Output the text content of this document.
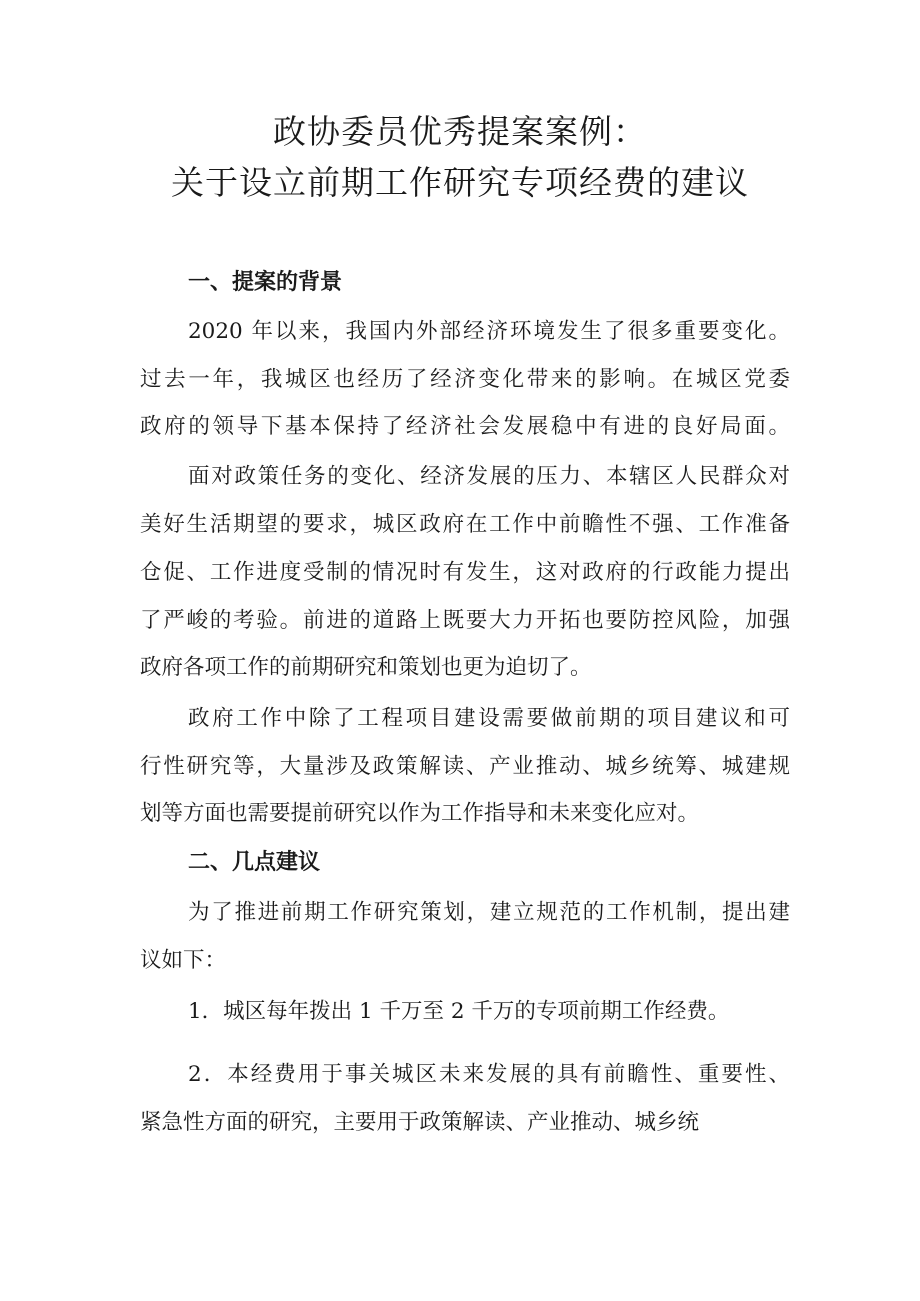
政协委员优秀提案案例：
关于设立前期工作研究专项经费的建议
一、提案的背景

2020 年以来，我国内外部经济环境发生了很多重要变化。

过去一年，我城区也经历了经济变化带来的影响。在城区党委

政府的领导下基本保持了经济社会发展稳中有进的良好局面。

面对政策任务的变化、经济发展的压力、本辖区人民群众对

美好生活期望的要求，城区政府在工作中前瞻性不强、工作准备

仓促、工作进度受制的情况时有发生，这对政府的行政能力提出

了严峻的考验。前进的道路上既要大力开拓也要防控风险，加强

政府各项工作的前期研究和策划也更为迫切了。

政府工作中除了工程项目建设需要做前期的项目建议和可

行性研究等，大量涉及政策解读、产业推动、城乡统筹、城建规

划等方面也需要提前研究以作为工作指导和未来变化应对。

二、几点建议

为了推进前期工作研究策划，建立规范的工作机制，提出建

议如下：

1．城区每年拨出 1 千万至 2 千万的专项前期工作经费。

2．本经费用于事关城区未来发展的具有前瞻性、重要性、

紧急性方面的研究，主要用于政策解读、产业推动、城乡统
